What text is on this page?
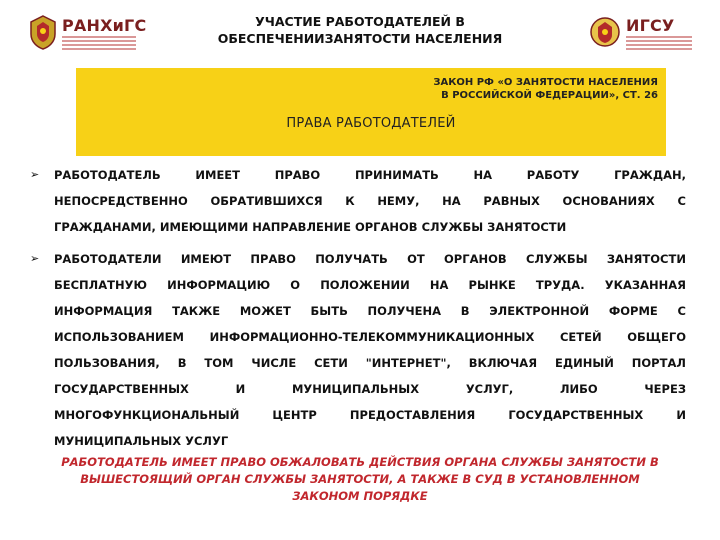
РАНХиГС	УЧАСТИЕ РАБОТОДАТЕЛЕЙ В
ОБЕСПЕЧЕНИИЗАНЯТОСТИ НАСЕЛЕНИЯ
ИГСУ
ЗАКОН РФ «О ЗАНЯТОСТИ НАСЕЛЕНИЯ
В РОССИЙСКОЙ ФЕДЕРАЦИИ», СТ. 26
ПРАВА РАБОТОДАТЕЛЕЙ
➢ РАБОТОДАТЕЛЬ	ИМЕЕТ	ПРАВО	ПРИНИМАТЬ	НА	РАБОТУ	ГРАЖДАН,
НЕПОСРЕДСТВЕННО ОБРАТИВШИХСЯ К НЕМУ, НА РАВНЫХ ОСНОВАНИЯХ С
ГРАЖДАНАМИ, ИМЕЮЩИМИ НАПРАВЛЕНИЕ ОРГАНОВ СЛУЖБЫ ЗАНЯТОСТИ
➢ РАБОТОДАТЕЛИ ИМЕЮТ ПРАВО ПОЛУЧАТЬ ОТ ОРГАНОВ СЛУЖБЫ ЗАНЯТОСТИ
БЕСПЛАТНУЮ ИНФОРМАЦИЮ О ПОЛОЖЕНИИ НА РЫНКЕ ТРУДА. УКАЗАННАЯ
ИНФОРМАЦИЯ ТАКЖЕ МОЖЕТ БЫТЬ ПОЛУЧЕНА В ЭЛЕКТРОННОЙ ФОРМЕ С
ИСПОЛЬЗОВАНИЕМ ИНФОРМАЦИОННО-ТЕЛЕКОММУНИКАЦИОННЫХ СЕТЕЙ ОБЩЕГО
ПОЛЬЗОВАНИЯ, В ТОМ ЧИСЛЕ СЕТИ "ИНТЕРНЕТ", ВКЛЮЧАЯ ЕДИНЫЙ ПОРТАЛ
ГОСУДАРСТВЕННЫХ	И	МУНИЦИПАЛЬНЫХ	УСЛУГ,	ЛИБО	ЧЕРЕЗ
МНОГОФУНКЦИОНАЛЬНЫЙ	ЦЕНТР	ПРЕДОСТАВЛЕНИЯ	ГОСУДАРСТВЕННЫХ	И
МУНИЦИПАЛЬНЫХ УСЛУГ
РАБОТОДАТЕЛЬ ИМЕЕТ ПРАВО ОБЖАЛОВАТЬ ДЕЙСТВИЯ ОРГАНА СЛУЖБЫ ЗАНЯТОСТИ В
ВЫШЕСТОЯЩИЙ ОРГАН СЛУЖБЫ ЗАНЯТОСТИ, А ТАКЖЕ В СУД В УСТАНОВЛЕННОМ
ЗАКОНОМ ПОРЯДКЕ
